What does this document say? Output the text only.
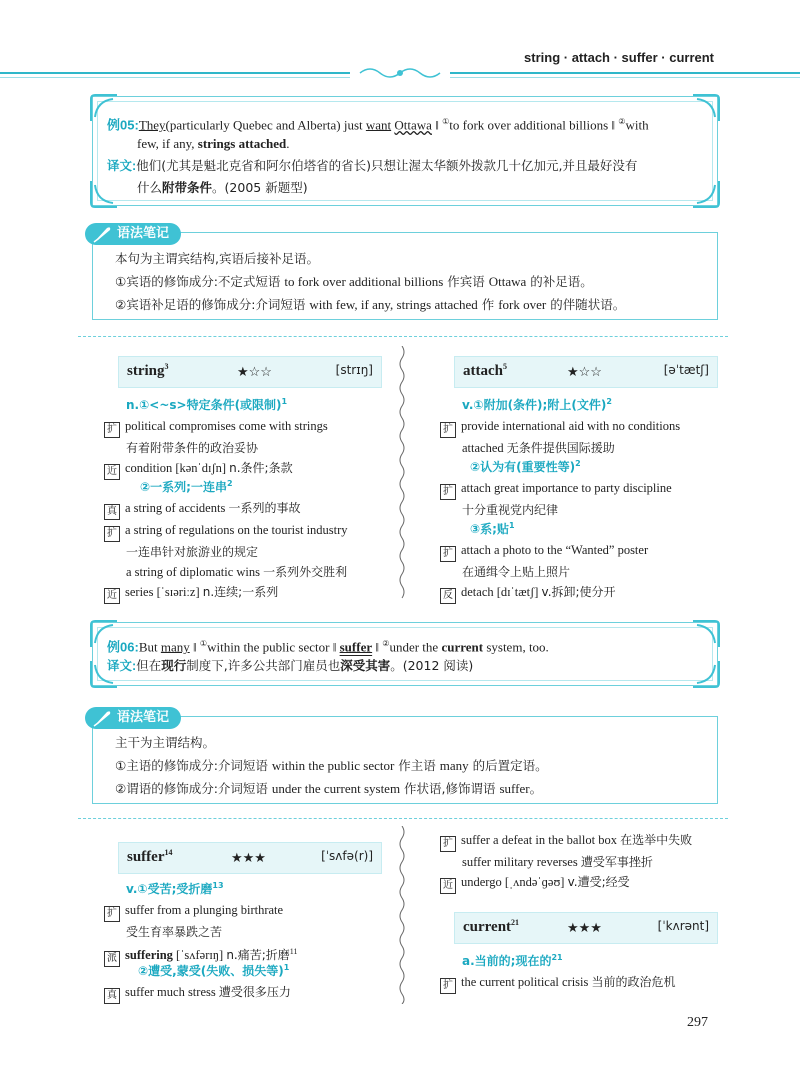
string · attach · suffer · current
例05:They(particularly Quebec and Alberta) just want Ottawa ‖ ①to fork over additional billions ‖ ②with
few, if any, strings attached.
译文:他们(尤其是魁北克省和阿尔伯塔省的省长)只想让渥太华额外拨款几十亿加元,并且最好没有
什么附带条件。(2005 新题型)
语法笔记
本句为主谓宾结构,宾语后接补足语。
①宾语的修饰成分:不定式短语 to fork over additional billions 作宾语 Ottawa 的补足语。
②宾语补足语的修饰成分:介词短语 with few, if any, strings attached 作 fork over 的伴随状语。
string$^3$	★☆☆	[strɪŋ]
n.①<~s>特定条件(或限制)$^1$
扩 political compromises come with strings
有着附带条件的政治妥协
近 condition [kənˈdɪʃn] n.条件;条款
②一系列;一连串$^2$
真 a string of accidents 一系列的事故
扩 a string of regulations on the tourist industry
一连串针对旅游业的规定
a string of diplomatic wins 一系列外交胜利
近 series [ˈsɪəriːz] n.连续;一系列
attach$^5$	★☆☆	[əˈtætʃ]
v.①附加(条件);附上(文件)$^2$
扩 provide international aid with no conditions
attached 无条件提供国际援助
②认为有(重要性等)$^2$
扩 attach great importance to party discipline
十分重视党内纪律
③系;贴$^1$
扩 attach a photo to the “Wanted” poster
在通缉令上贴上照片
反 detach [dɪˈtætʃ] v.拆卸;使分开
例06:But many ‖ ①within the public sector ‖ suffer ‖ ②under the current system, too.
译文:但在现行制度下,许多公共部门雇员也深受其害。(2012 阅读)
语法笔记
主干为主谓结构。
①主语的修饰成分:介词短语 within the public sector 作主语 many 的后置定语。
②谓语的修饰成分:介词短语 under the current system 作状语,修饰谓语 suffer。
suffer$^{14}$	★★★	[ˈsʌfə(r)]
v.①受苦;受折磨$^{13}$
扩 suffer from a plunging birthrate
受生育率暴跌之苦
派 suffering [ˈsʌfərɪŋ] n.痛苦;折磨$^{11}$
②遭受,蒙受(失败、损失等)$^1$
真 suffer much stress 遭受很多压力
扩 suffer a defeat in the ballot box 在选举中失败
suffer military reverses 遭受军事挫折
近 undergo [ˌʌndəˈɡəʊ] v.遭受;经受
current$^{21}$	★★★	[ˈkʌrənt]
a.当前的;现在的$^{21}$
扩 the current political crisis 当前的政治危机
297
